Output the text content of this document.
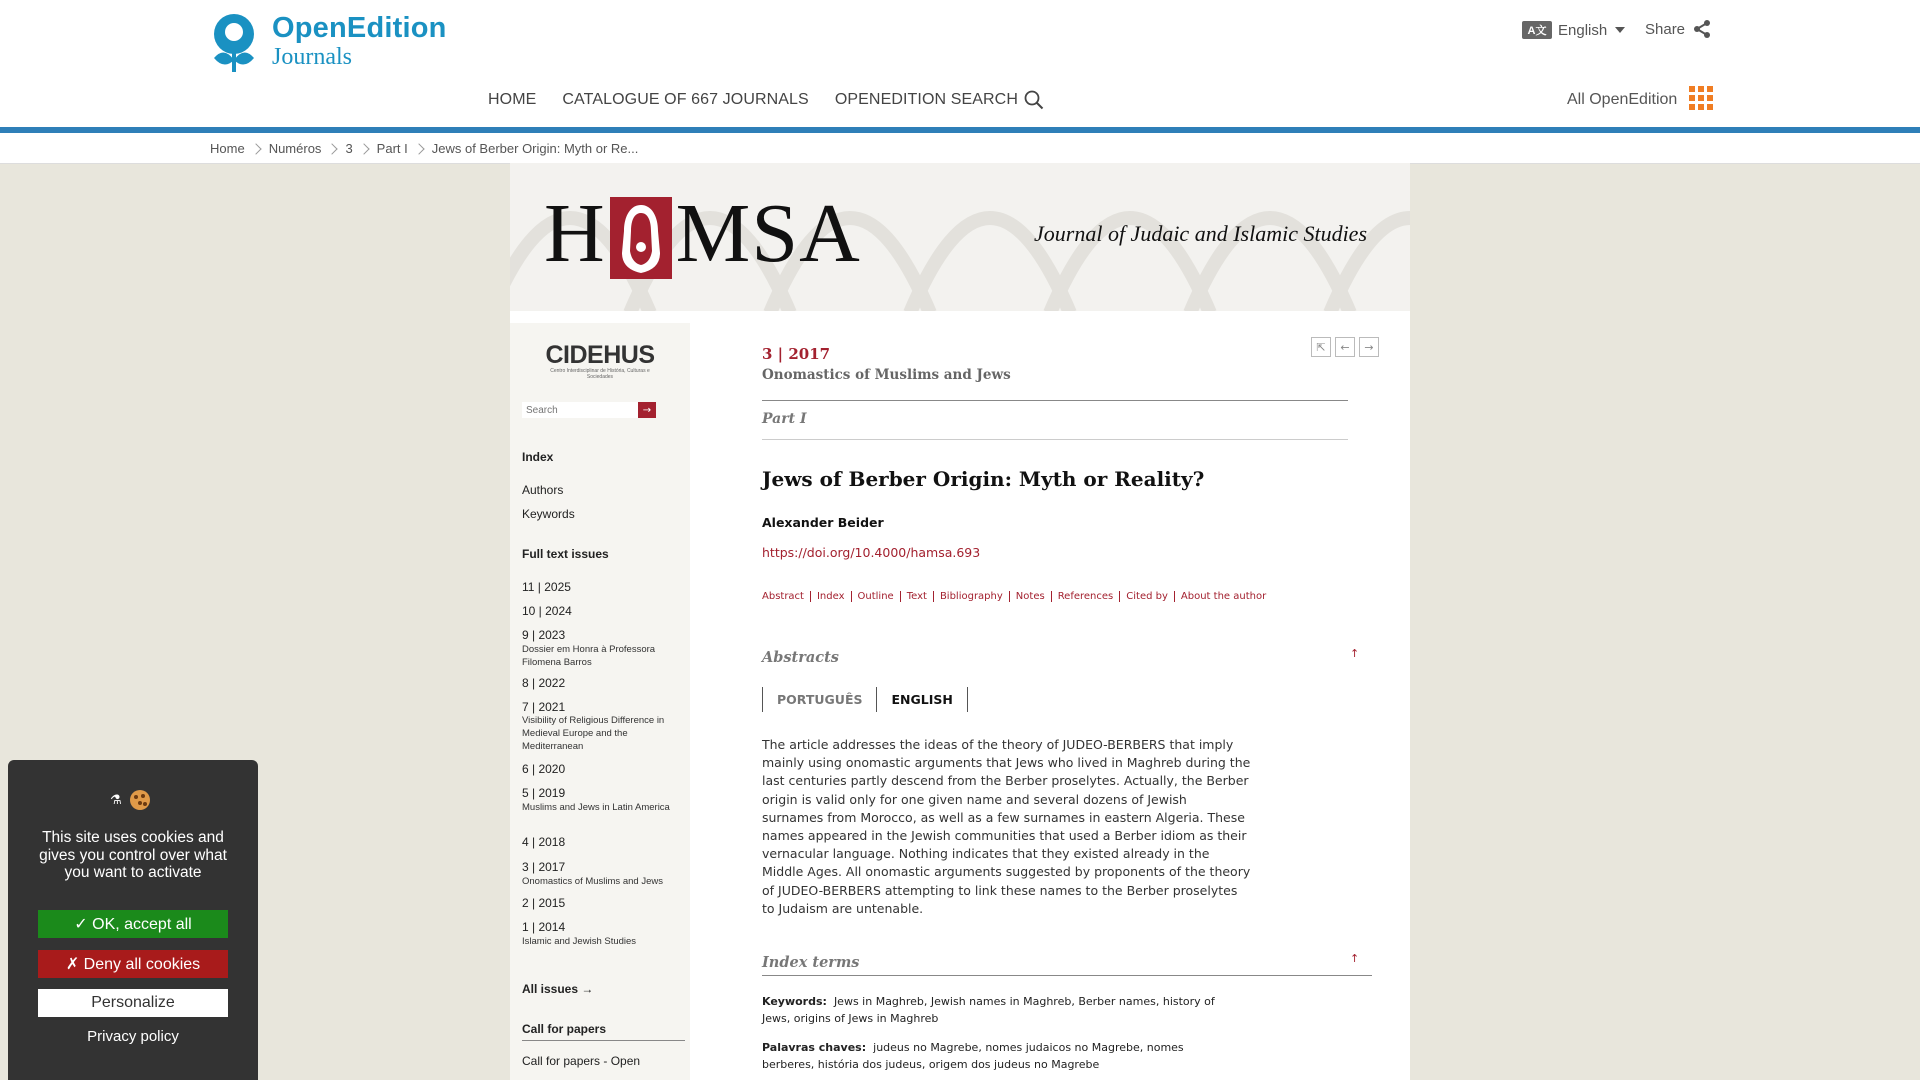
OpenEdition
Journals
A文 English	Share
HOME CATALOGUE OF 667 JOURNALS OPENEDITION SEARCH	All OpenEdition
Home Numéros 3 Part I Jews of Berber Origin: Myth or Re...
H MSA	Journal of Judaic and Islamic Studies
CIDEHUS
Centro Interdisciplinar de História, Culturas e Sociedades
Search
→
Index
Authors
Keywords
Full text issues
11 | 2025
10 | 2024
9 | 2023
Dossier em Honra à Professora Filomena Barros
8 | 2022
7 | 2021
Visibility of Religious Difference in Medieval Europe and the Mediterranean
6 | 2020
5 | 2019
Muslims and Jews in Latin America
4 | 2018
3 | 2017
Onomastics of Muslims and Jews
2 | 2015
1 | 2014
Islamic and Jewish Studies
All issues →
Call for papers
Call for papers - Open
⇱	←	→
3 | 2017
Onomastics of Muslims and Jews
Part I
Jews of Berber Origin: Myth or Reality?
Alexander Beider
https://doi.org/10.4000/hamsa.693
Abstract	Index	Outline	Text	Bibliography	Notes	References	Cited by	About the author
Abstracts	↑
PORTUGUÊS	ENGLISH

The article addresses the ideas of the theory of JUDEO-BERBERS that imply mainly using onomastic arguments that Jews who lived in Maghreb during the last centuries partly descend from the Berber proselytes. Actually, the Berber origin is valid only for one given name and several dozens of Jewish surnames from Morocco, as well as a few surnames in eastern Algeria. These names appeared in the Jewish communities that used a Berber idiom as their vernacular language. Nothing indicates that they existed already in the Middle Ages. All onomastic arguments suggested by proponents of the theory of JUDEO-BERBERS attempting to link these names to the Berber proselytes to Judaism are untenable.

Index terms	↑
Keywords: Jews in Maghreb, Jewish names in Maghreb, Berber names, history of Jews, origins of Jews in Maghreb
Palavras chaves: judeus no Magrebe, nomes judaicos no Magrebe, nomes berberes, história dos judeus, origem dos judeus no Magrebe
⚗
This site uses cookies and gives you control over what you want to activate
✓ OK, accept all
✗ Deny all cookies
Personalize
Privacy policy
